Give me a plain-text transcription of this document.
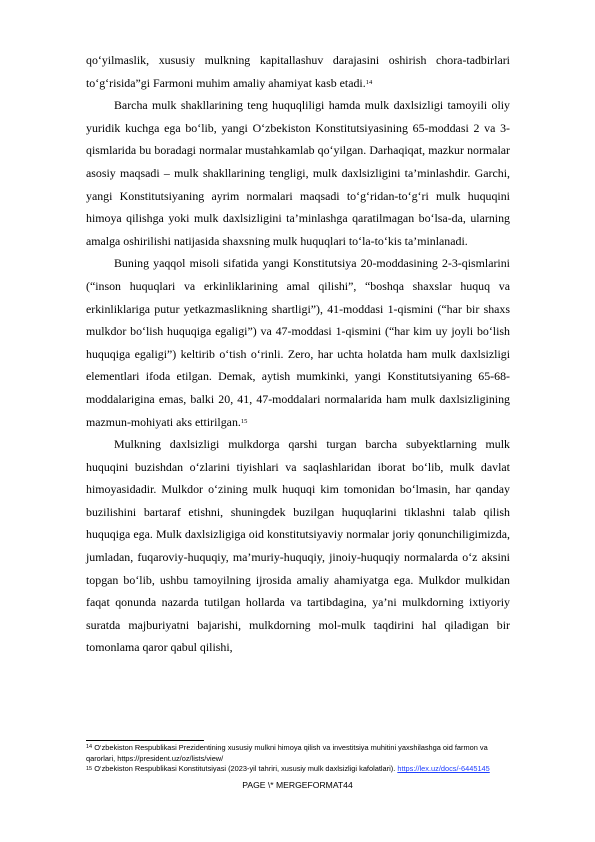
qo‘yilmaslik, xususiy mulkning kapitallashuv darajasini oshirish chora-tadbirlari to‘g‘risida”gi Farmoni muhim amaliy ahamiyat kasb etadi.$^{14}$

Barcha mulk shakllarining teng huquqliligi hamda mulk daxlsizligi tamoyili oliy yuridik kuchga ega bo‘lib, yangi O‘zbekiston Konstitutsiyasining 65-moddasi 2 va 3-qismlarida bu boradagi normalar mustahkamlab qo‘yilgan. Darhaqiqat, mazkur normalar asosiy maqsadi – mulk shakllarining tengligi, mulk daxlsizligini ta’minlashdir. Garchi, yangi Konstitutsiyaning ayrim normalari maqsadi to‘g‘ridan-to‘g‘ri mulk huquqini himoya qilishga yoki mulk daxlsizligini ta’minlashga qaratilmagan bo‘lsa-da, ularning amalga oshirilishi natijasida shaxsning mulk huquqlari to‘la-to‘kis ta’minlanadi.

Buning yaqqol misoli sifatida yangi Konstitutsiya 20-moddasining 2-3-qismlarini (“inson huquqlari va erkinliklarining amal qilishi”, “boshqa shaxslar huquq va erkinliklariga putur yetkazmaslikning shartligi”), 41-moddasi 1-qismini (“har bir shaxs mulkdor bo‘lish huquqiga egaligi”) va 47-moddasi 1-qismini (“har kim uy joyli bo‘lish huquqiga egaligi”) keltirib o‘tish o‘rinli. Zero, har uchta holatda ham mulk daxlsizligi elementlari ifoda etilgan. Demak, aytish mumkinki, yangi Konstitutsiyaning 65-68-moddalarigina emas, balki 20, 41, 47-moddalari normalarida ham mulk daxlsizligining mazmun-mohiyati aks ettirilgan.$^{15}$

Mulkning daxlsizligi mulkdorga qarshi turgan barcha subyektlarning mulk huquqini buzishdan o‘zlarini tiyishlari va saqlashlaridan iborat bo‘lib, mulk davlat himoyasidadir. Mulkdor o‘zining mulk huquqi kim tomonidan bo‘lmasin, har qanday buzilishini bartaraf etishni, shuningdek buzilgan huquqlarini tiklashni talab qilish huquqiga ega. Mulk daxlsizligiga oid konstitutsiyaviy normalar joriy qonunchiligimizda, jumladan, fuqaroviy-huquqiy, ma’muriy-huquqiy, jinoiy-huquqiy normalarda o‘z aksini topgan bo‘lib, ushbu tamoyilning ijrosida amaliy ahamiyatga ega. Mulkdor mulkidan faqat qonunda nazarda tutilgan hollarda va tartibdagina, ya’ni mulkdorning ixtiyoriy suratda majburiyatni bajarishi, mulkdorning mol-mulk taqdirini hal qiladigan bir tomonlama qaror qabul qilishi,

$^{14}$ O‘zbekiston Respublikasi Prezidentining xususiy mulkni himoya qilish va investitsiya muhitini yaxshilashga oid farmon va qarorlari, https://president.uz/oz/lists/view/

$^{15}$ O‘zbekiston Respublikasi Konstitutsiyasi (2023-yil tahriri, xususiy mulk daxlsizligi kafolatlari). https://lex.uz/docs/-6445145

PAGE \* MERGEFORMAT44
